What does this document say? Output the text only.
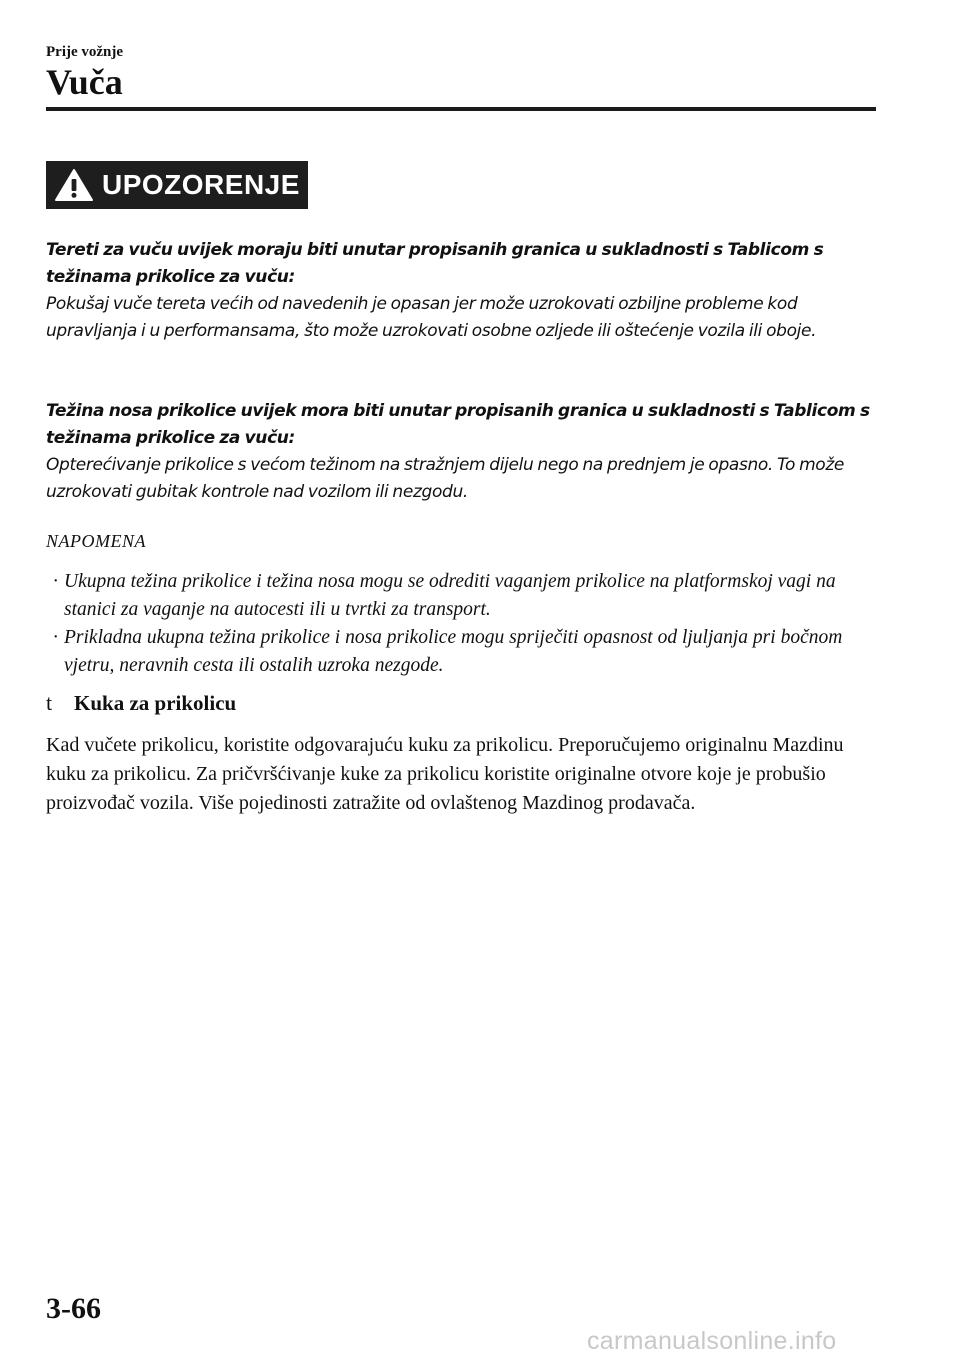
Prije vožnje

Vuča
UPOZORENJE

Tereti za vuču uvijek moraju biti unutar propisanih granica u sukladnosti s Tablicom s težinama prikolice za vuču:

Pokušaj vuče tereta većih od navedenih je opasan jer može uzrokovati ozbiljne probleme kod upravljanja i u performansama, što može uzrokovati osobne ozljede ili oštećenje vozila ili oboje.

Težina nosa prikolice uvijek mora biti unutar propisanih granica u sukladnosti s Tablicom s težinama prikolice za vuču:

Opterećivanje prikolice s većom težinom na stražnjem dijelu nego na prednjem je opasno. To može uzrokovati gubitak kontrole nad vozilom ili nezgodu.

NAPOMENA

· Ukupna težina prikolice i težina nosa mogu se odrediti vaganjem prikolice na platformskoj vagi na stanici za vaganje na autocesti ili u tvrtki za transport.
· Prikladna ukupna težina prikolice i nosa prikolice mogu spriječiti opasnost od ljuljanja pri bočnom vjetru, neravnih cesta ili ostalih uzroka nezgode.
t	Kuka za prikolicu

Kad vučete prikolicu, koristite odgovarajuću kuku za prikolicu. Preporučujemo originalnu Mazdinu kuku za prikolicu. Za pričvršćivanje kuke za prikolicu koristite originalne otvore koje je probušio proizvođač vozila. Više pojedinosti zatražite od ovlaštenog Mazdinog prodavača.

3-66

carmanualsonline.info
